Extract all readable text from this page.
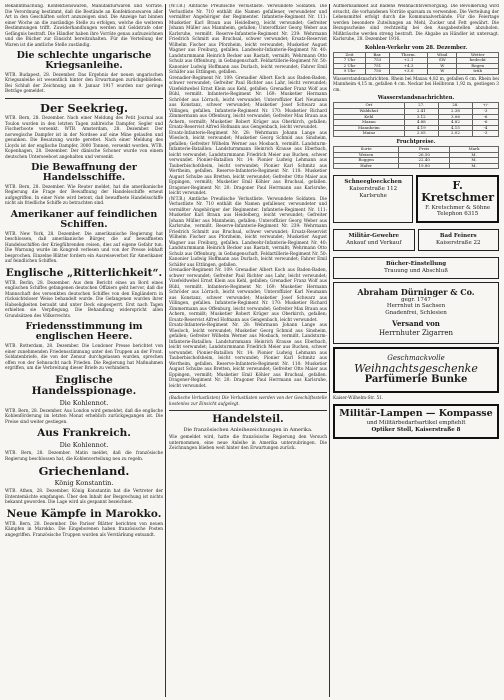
Bekanntmachung. Konfektionswaren, Manufakturwaren und Vorräte. Die Verordnung bestimmt, daß die Bestände an Konfektionswaren aller Art in den Geschäften sofort anzuzeigen sind. Die Anzeige hat binnen einer Woche an die zuständige Stelle zu erfolgen, welche die weiteren Bestimmungen trifft. Zuwiderhandlungen werden mit Geldstrafe oder Gefängnis bestraft. Die Händler haben ihre Vorräte genau aufzuzeichnen und die Bücher zur Einsicht bereitzuhalten. Für die Verteilung der Waren ist die amtliche Stelle zuständig.

Die schlechte ungarische Kriegsanleihe.

WTB. Budapest, 28. Dezember. Das Ergebnis der neuen ungarischen Kriegsanleihe ist wesentlich hinter den Erwartungen zurückgeblieben. Bei Schluß der Zeichnung am 9. Januar 1917 wurden nur geringe Beträge gemeldet.

Der Seekrieg.

WTB. Bern, 28. Dezember. Nach einer Meldung des Petit Journal aus Toulon wurden in den letzten Tagen zahlreiche Dampfer, Segler und Fischerboote versenkt. WTB. Amsterdam, 28. Dezember. Der norwegische Dampfer ist in der Nordsee auf eine Mine gelaufen und gesunken. Die Besatzung wurde gerettet. Nach einer Meldung des Lloyds ist der englische Dampfer, 3000 Tonnen, versenkt worden. WTB. Kopenhagen, 28. Dezember. Der dänische Schoner wurde von einem deutschen Unterseeboot angehalten und versenkt.

Die Bewaffnung der Handelsschiffe.

WTB. Bern, 28. Dezember. Wie Reuter meldet, hat die amerikanische Regierung die Frage der Bewaffnung der Handelsschiffe erneut aufgegriffen. In einer Note wird betont, daß bewaffnete Handelsschiffe nicht als friedliche Schiffe zu betrachten sind.

Amerikaner auf feindlichen Schiffen.

WTB. New York, 28. Dezember. Die amerikanische Regierung hat beschlossen, daß amerikanische Bürger, die auf bewaffneten Handelsschiffen der Kriegführenden reisen, dies auf eigene Gefahr tun. Die Warnung wurde im Kongreß verlesen und von der Presse lebhaft besprochen. Einzelne Blätter fordern ein Ausreiseverbot für Amerikaner auf feindlichen Schiffen.

Englische „Ritterlichkeit“.

WTB. Berlin, 28. Dezember. Aus dem Bericht eines an Bord eines englischen Schiffes gefangenen deutschen Offiziers geht hervor, daß die Mannschaft des versenkten deutschen Schiffes von den Engländern in rücksichtsloser Weise behandelt wurde. Die Gefangenen wurden ihrer Habseligkeiten beraubt und unter Deck eingesperrt. Erst nach Tagen erhielten sie Verpflegung. Die Behandlung widerspricht allen Grundsätzen des Völkerrechts.

Friedensstimmung im englischen Heere.

WTB. Rotterdam, 28. Dezember. Die Londoner Presse berichtet von einer zunehmenden Friedensstimmung unter den Truppen an der Front. Soldatenbriefe, die von der Zensur durchgelassen wurden, sprechen offen von der Sehnsucht nach Frieden. Die Regierung hat Maßnahmen ergriffen, um die Verbreitung dieser Briefe zu verhindern.

Englische Handelsspionage.
Die Kohlennot.

WTB. Bern, 28. Dezember. Aus London wird gemeldet, daß die englische Kohlenförderung im letzten Monat erheblich zurückgegangen ist. Die Preise sind weiter gestiegen.

Aus Frankreich.
Die Kohlennot.

WTB. Bern, 28. Dezember. Matin meldet, daß die französische Regierung beschlossen hat, die Kohlenverteilung neu zu regeln.

Griechenland.
König Konstantin.

WTB. Athen, 28. Dezember. König Konstantin hat die Vertreter der Ententemächte empfangen. Über den Inhalt der Besprechung ist nichts bekannt geworden. Die Lage wird als gespannt bezeichnet.

Neue Kämpfe in Marokko.

WTB. Bern, 28. Dezember. Die Pariser Blätter berichten von neuen Kämpfen in Marokko. Die Eingeborenen haben französische Posten angegriffen. Französische Truppen wurden als Verstärkung entsandt.

(W.T.B.) Amtliche Preußische Verlustliste. Verwundete Soldaten. Die Verlustliste Nr. 710 enthält die Namen gefallener, verwundeter und vermißter Angehöriger der Regimenter. Infanterie-Regiment Nr. 111: Musketier Karl Braun aus Heidelberg, leicht verwundet; Gefreiter Johann Müller aus Mannheim, gefallen; Unteroffizier Georg Weber aus Karlsruhe, vermißt. Reserve-Infanterie-Regiment Nr. 239: Wehrmann Friedrich Schmitt aus Bruchsal, schwer verwundet; Ersatz-Reservist Wilhelm Fischer aus Pforzheim, leicht verwundet; Musketier August Wagner aus Freiburg, gefallen. Landwehr-Infanterie-Regiment Nr. 40: Landsturmmann Heinrich Becker aus Rastatt, vermißt; Wehrmann Otto Schulz aus Offenburg, in Gefangenschaft. Feldartillerie-Regiment Nr. 50: Kanonier Ludwig Hoffmann aus Durlach, leicht verwundet; Fahrer Emil Schäfer aus Ettlingen, gefallen.

Grenadier-Regiment Nr. 109: Grenadier Albert Koch aus Baden-Baden, schwer verwundet; Gefreiter Paul Richter aus Lahr, leicht verwundet; Vizefeldwebel Ernst Klein aus Kehl, gefallen; Grenadier Franz Wolf aus Bühl, vermißt. Infanterie-Regiment Nr. 169: Musketier Hermann Schröder aus Lörrach, leicht verwundet; Unteroffizier Karl Neumann aus Konstanz, schwer verwundet; Musketier Josef Schwarz aus Villingen, gefallen. Infanterie-Regiment Nr. 170: Musketier Richard Zimmermann aus Offenburg, leicht verwundet; Gefreiter Max Braun aus Achern, vermißt; Musketier Robert Krüger aus Oberkirch, gefallen; Ersatz-Reservist Alfred Hofmann aus Gengenbach, leicht verwundet.

Ersatz-Infanterie-Regiment Nr. 28: Wehrmann Johann Lange aus Wiesloch, leicht verwundet; Musketier Georg Schmid aus Sinsheim, gefallen; Gefreiter Wilhelm Werner aus Mosbach, vermißt. Landsturm-Infanterie-Bataillon: Landsturmmann Heinrich Krause aus Eberbach, leicht verwundet; Landsturmmann Friedrich Meier aus Buchen, schwer verwundet. Pionier-Bataillon Nr. 14: Pionier Ludwig Lehmann aus Tauberbischofsheim, leicht verwundet; Pionier Karl Schmitz aus Wertheim, gefallen. Reserve-Infanterie-Regiment Nr. 110: Musketier August Schulze aus Bretten, leicht verwundet; Gefreiter Otto Maier aus Eppingen, vermißt; Musketier Emil Köhler aus Bruchsal, gefallen. Dragoner-Regiment Nr. 20: Dragoner Paul Herrmann aus Karlsruhe, leicht verwundet.

(W.T.B.) Amtliche Preußische Verlustliste. Verwundete Soldaten. Die Verlustliste Nr. 710 enthält die Namen gefallener, verwundeter und vermißter Angehöriger der Regimenter. Infanterie-Regiment Nr. 111: Musketier Karl Braun aus Heidelberg, leicht verwundet; Gefreiter Johann Müller aus Mannheim, gefallen; Unteroffizier Georg Weber aus Karlsruhe, vermißt. Reserve-Infanterie-Regiment Nr. 239: Wehrmann Friedrich Schmitt aus Bruchsal, schwer verwundet; Ersatz-Reservist Wilhelm Fischer aus Pforzheim, leicht verwundet; Musketier August Wagner aus Freiburg, gefallen. Landwehr-Infanterie-Regiment Nr. 40: Landsturmmann Heinrich Becker aus Rastatt, vermißt; Wehrmann Otto Schulz aus Offenburg, in Gefangenschaft. Feldartillerie-Regiment Nr. 50: Kanonier Ludwig Hoffmann aus Durlach, leicht verwundet; Fahrer Emil Schäfer aus Ettlingen, gefallen.

Grenadier-Regiment Nr. 109: Grenadier Albert Koch aus Baden-Baden, schwer verwundet; Gefreiter Paul Richter aus Lahr, leicht verwundet; Vizefeldwebel Ernst Klein aus Kehl, gefallen; Grenadier Franz Wolf aus Bühl, vermißt. Infanterie-Regiment Nr. 169: Musketier Hermann Schröder aus Lörrach, leicht verwundet; Unteroffizier Karl Neumann aus Konstanz, schwer verwundet; Musketier Josef Schwarz aus Villingen, gefallen. Infanterie-Regiment Nr. 170: Musketier Richard Zimmermann aus Offenburg, leicht verwundet; Gefreiter Max Braun aus Achern, vermißt; Musketier Robert Krüger aus Oberkirch, gefallen; Ersatz-Reservist Alfred Hofmann aus Gengenbach, leicht verwundet.

Ersatz-Infanterie-Regiment Nr. 28: Wehrmann Johann Lange aus Wiesloch, leicht verwundet; Musketier Georg Schmid aus Sinsheim, gefallen; Gefreiter Wilhelm Werner aus Mosbach, vermißt. Landsturm-Infanterie-Bataillon: Landsturmmann Heinrich Krause aus Eberbach, leicht verwundet; Landsturmmann Friedrich Meier aus Buchen, schwer verwundet. Pionier-Bataillon Nr. 14: Pionier Ludwig Lehmann aus Tauberbischofsheim, leicht verwundet; Pionier Karl Schmitz aus Wertheim, gefallen. Reserve-Infanterie-Regiment Nr. 110: Musketier August Schulze aus Bretten, leicht verwundet; Gefreiter Otto Maier aus Eppingen, vermißt; Musketier Emil Köhler aus Bruchsal, gefallen. Dragoner-Regiment Nr. 20: Dragoner Paul Herrmann aus Karlsruhe, leicht verwundet.

(Badische Verlustlisten) Die Verlustlisten werden von der Geschäftsstelle kostenlos zur Einsicht aufgelegt.

Handelsteil.
Die französischen Anleihezeichnungen in Amerika.

Wie gemeldet wird, hatte die französische Regierung den Versuch unternommen, eine neue Anleihe in Amerika unterzubringen. Die Zeichnungen blieben weit hinter den Erwartungen zurück.

Aufmerksamkeit auf Badens Weihnachtsversorgung. Die Bevölkerung wird ersucht, die vorhandenen Vorräte sparsam zu verwenden. Die Verteilung der Lebensmittel erfolgt durch die Kommunalverbände. Für die Feiertage werden besondere Zuteilungen an Mehl, Zucker und Fett gewährt. Die Bezugsscheine sind rechtzeitig bei den Ausgabestellen abzuholen. Mißbräuche werden streng bestraft. Die Abgabe an Händler ist untersagt. Karlsruhe, 28. Dezember 1916.

Kohlen-Verkehr vom 28. Dezember.
Zeit	Bar.	Therm.	Wind	Wetter
7 Uhr	753	+2.1	SW	bedeckt
2 Uhr	751	+4.3	W	Regen
9 Uhr	750	+3.0	W	trüb

Wasserstandsnachrichten. Rhein bei Maxau 4,82 m, gefallen 6 cm. Rhein bei Mannheim 4,15 m, gefallen 4 cm. Neckar bei Heilbronn 1,92 m, gestiegen 3 cm.

Wasserstandsnachrichten.
Ort	27.	28.	+/-
Waldshut	2.41	2.38	-3
Kehl	3.12	3.06	-6
Maxau	4.88	4.82	-6
Mannheim	4.19	4.15	-4
Mainz	2.05	2.02	-3
Fruchtpreise.
Sorte	Preis	Mark
Weizen	26.50	M.
Roggen	22.40	M.
Hafer	19.80	M.
Schneegloeckchen
Kaiserstraße 112
Karlsruhe
F. Kretschmer
F. Kretschmer & Söhne
Telephon 6315
Militär-Gewehre
Ankauf und Verkauf
Bad Feiners
Kaiserstraße 22
Bücher-Einstellung
Trauung und Abschluß
Abraham Dürninger & Co.
gegr. 1747
Herrnhut in Sachsen
Gnadenfrei, Schlesien
Versand von
Herrnhuter Zigarren
Geschmackvolle
Weihnachtsgeschenke
Parfümerie Bunke
Kaiser-Wilhelm-Str. 51.
Militär-Lampen — Kompasse
und Militärbedarfsartikel empfiehlt
Optiker Stoll, Kaiserstraße 8
